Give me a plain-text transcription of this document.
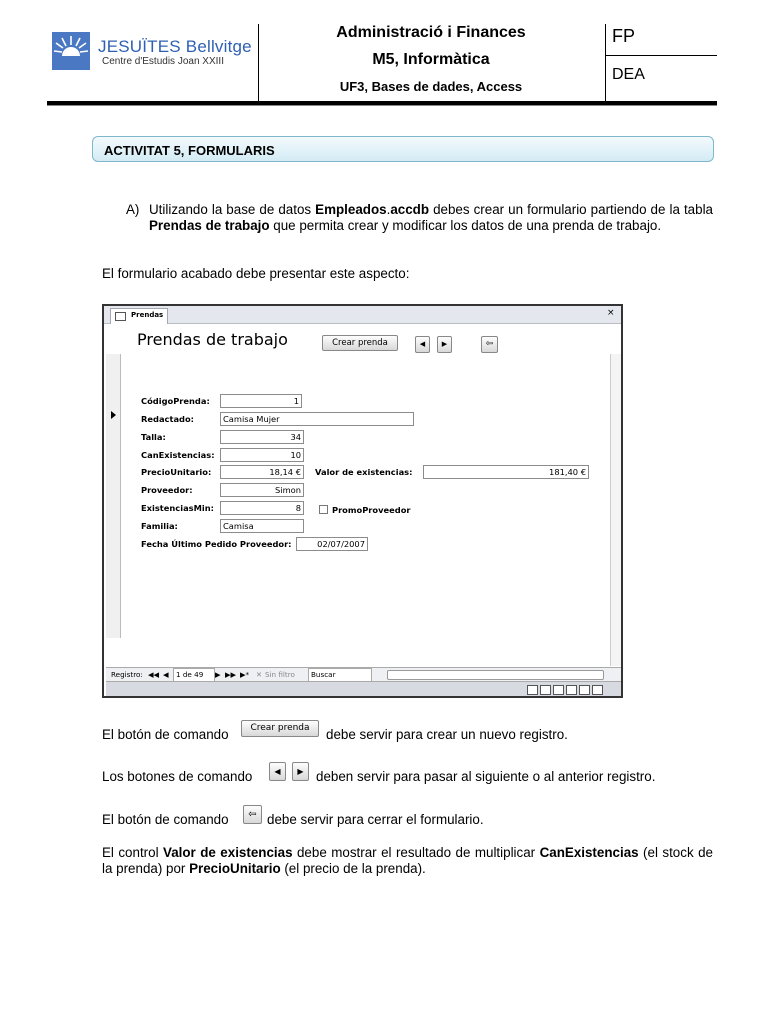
JESUÏTES Bellvitge
Centre d'Estudis Joan XXIII
Administració i Finances
M5, Informàtica
UF3, Bases de dades, Access
FP
DEA
ACTIVITAT 5, FORMULARIS
A) Utilizando la base de datos Empleados.accdb debes crear un formulario partiendo de la tabla Prendas de trabajo que permita crear y modificar los datos de una prenda de trabajo.
El formulario acabado debe presentar este aspecto:
Prendas	×
Prendas de trabajo	Crear prenda	◀	▶	⇦
CódigoPrenda:	1
Redactado:	Camisa Mujer
Talla:	34
CanExistencias:	10
PrecioUnitario:	18,14 €	Valor de existencias:	181,40 €
Proveedor:	Simon
ExistenciasMin:	8	PromoProveedor
Familia:	Camisa
Fecha Último Pedido Proveedor:	02/07/2007
Registro: ◀◀ ◀	1 de 49	▶ ▶▶ ▶* ✕ Sin filtro	Buscar
El botón de comando	Crear prenda	debe servir para crear un nuevo registro.
Los botones de comando	◀	▶ deben servir para pasar al siguiente o al anterior registro.
El botón de comando	⇦ debe servir para cerrar el formulario.
El control Valor de existencias debe mostrar el resultado de multiplicar CanExistencias (el stock de la prenda) por PrecioUnitario (el precio de la prenda).
